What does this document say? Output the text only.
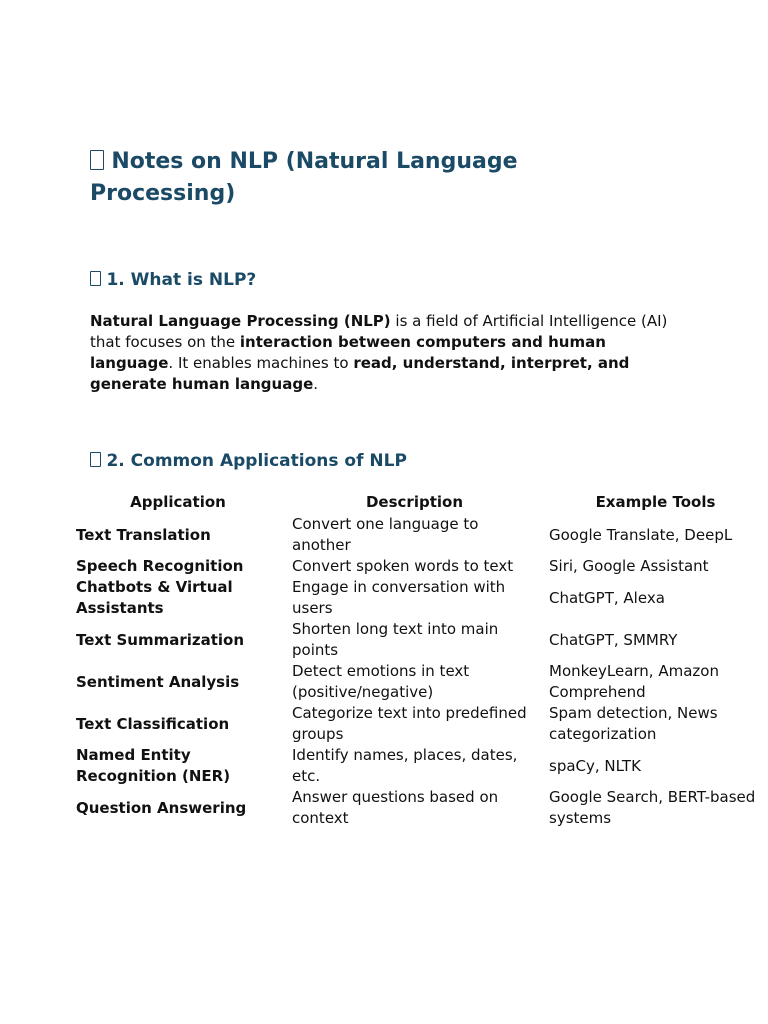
Notes on NLP (Natural Language Processing)
1. What is NLP?

Natural Language Processing (NLP) is a field of Artificial Intelligence (AI) that focuses on the interaction between computers and human language. It enables machines to read, understand, interpret, and generate human language.

2. Common Applications of NLP
Application	Description	Example Tools
Text Translation	Convert one language to another	Google Translate, DeepL
Speech Recognition	Convert spoken words to text	Siri, Google Assistant
Chatbots & Virtual Assistants	Engage in conversation with users	ChatGPT, Alexa
Text Summarization	Shorten long text into main points	ChatGPT, SMMRY
Sentiment Analysis	Detect emotions in text (positive/negative)	MonkeyLearn, Amazon Comprehend
Text Classification	Categorize text into predefined groups	Spam detection, News categorization
Named Entity Recognition (NER)	Identify names, places, dates, etc.	spaCy, NLTK
Question Answering	Answer questions based on context	Google Search, BERT-based systems
